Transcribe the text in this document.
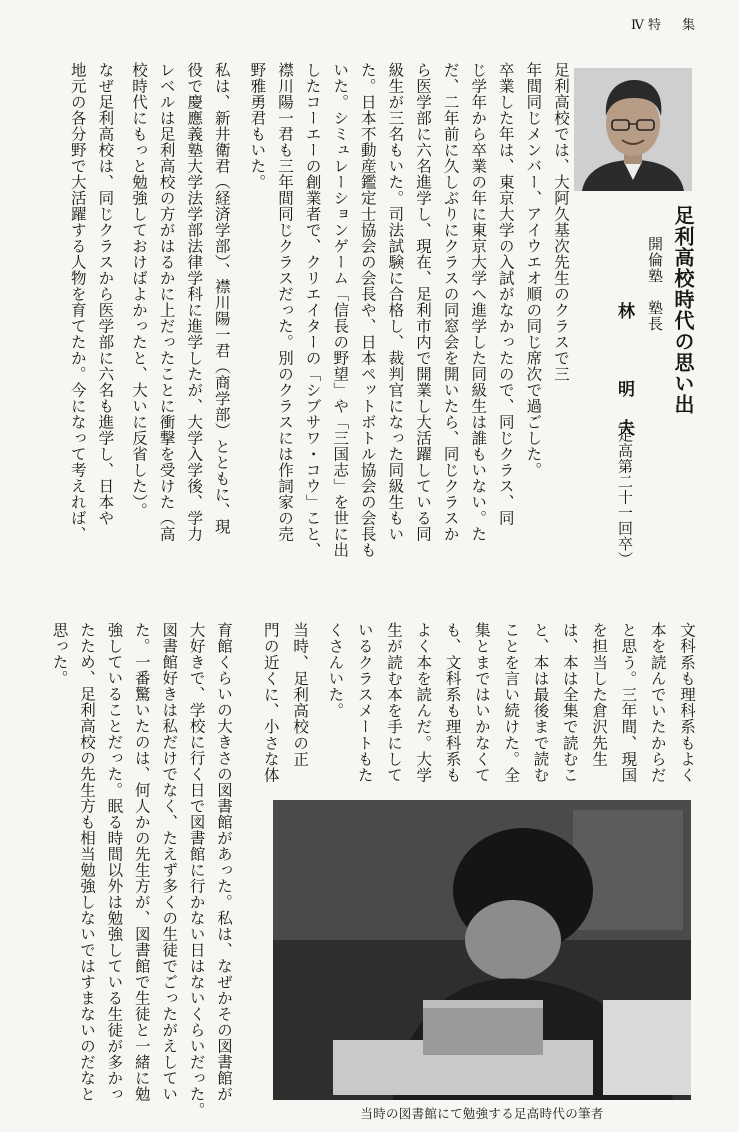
Ⅳ特　集
足利高校時代の思い出
開倫塾　塾長
林　明夫
（足高第二十一回卒）
足利高校では、大阿久基次先生のクラスで三
年間同じメンバー、アイウエオ順の同じ席次で過ごした。
卒業した年は、東京大学の入試がなかったので、同じクラス、同
じ学年から卒業の年に東京大学へ進学した同級生は誰もいない。た
だ、二年前に久しぶりにクラスの同窓会を開いたら、同じクラスか
ら医学部に六名進学し、現在、足利市内で開業し大活躍している同
級生が三名もいた。司法試験に合格し、裁判官になった同級生もい
た。日本不動産鑑定士協会の会長や、日本ペットボトル協会の会長も
いた。シミュレーションゲーム「信長の野望」や「三国志」を世に出
したコーエーの創業者で、クリエイターの「シブサワ・コウ」こと、
襟川陽一君も三年間同じクラスだった。別のクラスには作詞家の売
野雅勇君もいた。
私は、新井衛君（経済学部）、襟川陽一君（商学部）とともに、現
役で慶應義塾大学法学部法律学科に進学したが、大学入学後、学力
レベルは足利高校の方がはるかに上だったことに衝撃を受けた（高
校時代にもっと勉強しておけばよかったと、大いに反省した）。
なぜ足利高校は、同じクラスから医学部に六名も進学し、日本や
地元の各分野で大活躍する人物を育てたか。今になって考えれば、
文科系も理科系もよく
本を読んでいたからだ
と思う。三年間、現国
を担当した倉沢先生
は、本は全集で読むこ
と、本は最後まで読む
ことを言い続けた。全
集とまではいかなくて
も、文科系も理科系も
よく本を読んだ。大学
生が読む本を手にして
いるクラスメートもた
くさんいた。
当時、足利高校の正
門の近くに、小さな体
育館くらいの大きさの図書館があった。私は、なぜかその図書館が
大好きで、学校に行く日で図書館に行かない日はないくらいだった。
図書館好きは私だけでなく、たえず多くの生徒でごったがえしてい
た。一番驚いたのは、何人かの先生方が、図書館で生徒と一緒に勉
強していることだった。眠る時間以外は勉強している生徒が多かっ
たため、足利高校の先生方も相当勉強しないではすまないのだなと
思った。
当時の図書館にて勉強する足高時代の筆者
